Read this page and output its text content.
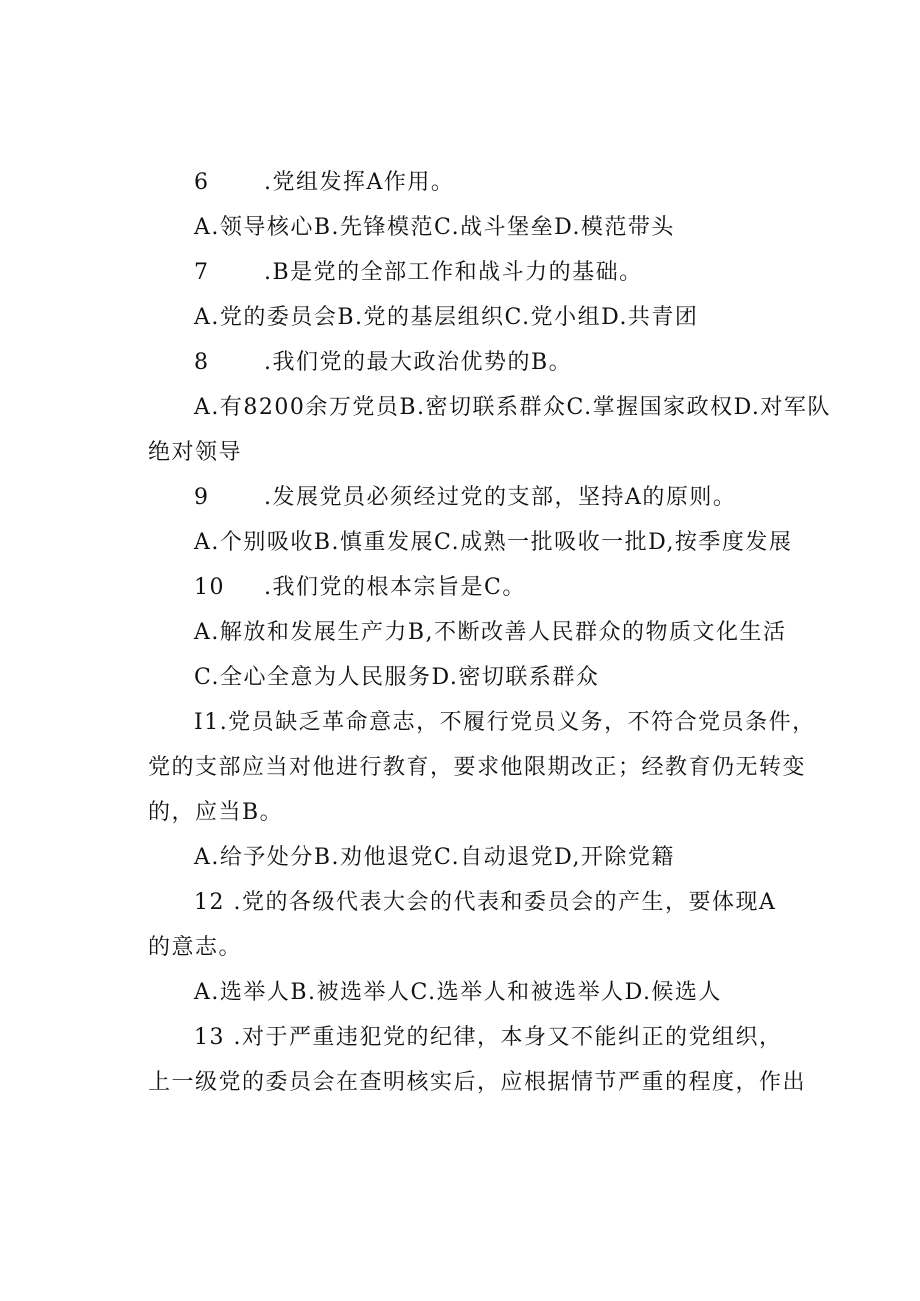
6 .党组发挥A作用。
A.领导核心B.先锋模范C.战斗堡垒D.模范带头
7 .B是党的全部工作和战斗力的基础。
A.党的委员会B.党的基层组织C.党小组D.共青团
8 .我们党的最大政治优势的B。
A.有8200余万党员B.密切联系群众C.掌握国家政权D.对军队
绝对领导
9 .发展党员必须经过党的支部，坚持A的原则。
A.个别吸收B.慎重发展C.成熟一批吸收一批D,按季度发展
10 .我们党的根本宗旨是C。
A.解放和发展生产力B,不断改善人民群众的物质文化生活
C.全心全意为人民服务D.密切联系群众
I1.党员缺乏革命意志，不履行党员义务，不符合党员条件，
党的支部应当对他进行教育，要求他限期改正；经教育仍无转变
的，应当B。
A.给予处分B.劝他退党C.自动退党D,开除党籍
12 .党的各级代表大会的代表和委员会的产生，要体现A
的意志。
A.选举人B.被选举人C.选举人和被选举人D.候选人
13 .对于严重违犯党的纪律，本身又不能纠正的党组织，
上一级党的委员会在查明核实后，应根据情节严重的程度，作出
